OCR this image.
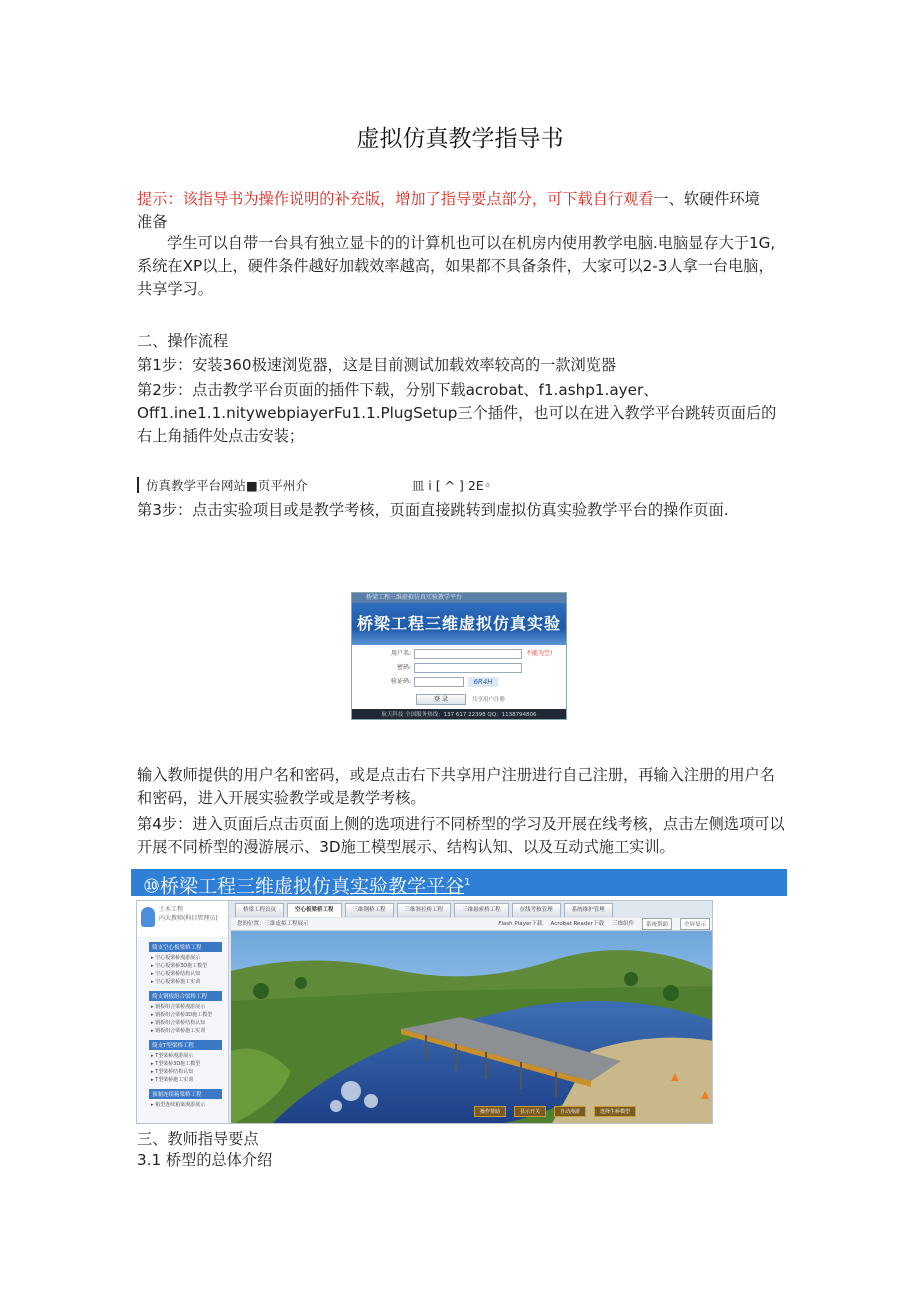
虚拟仿真教学指导书
提示：该指导书为操作说明的补充版，增加了指导要点部分，可下载自行观看一、软硬件环境
准备
学生可以自带一台具有独立显卡的的计算机也可以在机房内使用教学电脑.电脑显存大于1G,系统在XP以上，硬件条件越好加载效率越高，如果都不具备条件，大家可以2-3人拿一台电脑，共享学习。
二、操作流程
第1步：安装360极速浏览器，这是目前测试加载效率较高的一款浏览器
第2步：点击教学平台页面的插件下载，分别下载acrobat、f1.ashp1.ayer、Off1.ine1.1.nitywebpiayerFu1.1.PlugSetup三个插件，也可以在进入教学平台跳转页面后的右上角插件处点击安装；
仿真教学平台网站■页平州介	皿 i [ ^ ] 2E◦
第3步：点击实验项目或是教学考核，页面直接跳转到虚拟仿真实验教学平台的操作页面.
桥梁工程三维虚拟仿真实验教学平台
桥梁工程三维虚拟仿真实验
用户名:	不能为空!
密码:
验证码:	6R4H
登 录	共享用户注册
航天科技 全国服务热线：137 617 22398 QQ：1138794806
输入教师提供的用户名和密码，或是点击右下共享用户注册进行自己注册，再输入注册的用户名和密码，进入开展实验教学或是教学考核。
第4步：进入页面后点击页面上侧的选项进行不同桥型的学习及开展在线考核，点击左侧选项可以开展不同桥型的漫游展示、3D施工模型展示、结构认知、以及互动式施工实训。
⑩桥梁工程三维虚拟仿真实验教学平谷$^1$
土木工程
内大教师(科目管理员)
简支空心板梁桥工程
▸ 空心板梁桥漫游展示
▸ 空心板梁桥3D施工模型
▸ 空心板梁桥结构认知
▸ 空心板梁桥施工实训
简支钢板组合梁桥工程
▸ 钢板组合梁桥漫游展示
▸ 钢板组合梁桥3D施工模型
▸ 钢板组合梁桥结构认知
▸ 钢板组合梁桥施工实训
简支T型梁桥工程
▸ T型梁桥漫游展示
▸ T型梁桥3D施工模型
▸ T型梁桥结构认知
▸ T型梁桥施工实训
预制连续箱梁桥工程
▸ 箱型连续箱梁漫游展示
桥梁工程首页	空心板梁桥工程	三维钢桥工程	三维斜拉桥工程	三维悬索桥工程	在线考核管理	系统维护管理
您的位置：三维虚拟工程展示	Flash Player下载 Acrobat Reader下载 三维组件	系统帮助	全屏显示
操作帮助	显示开关	自动漫游	选择生桥模型
三、教师指导要点
3.1 桥型的总体介绍
